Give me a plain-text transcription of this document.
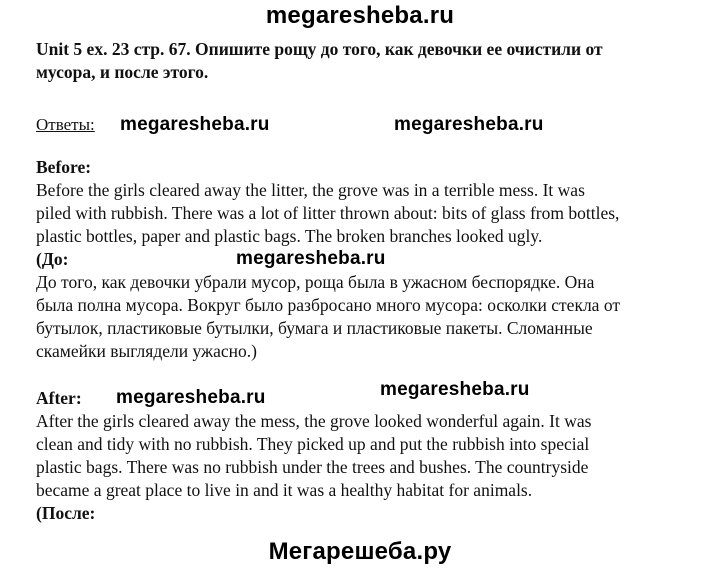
megaresheba.ru
Unit 5 ex. 23 стр. 67. Опишите рощу до того, как девочки ее очистили от
мусора, и после этого.
Ответы: megaresheba.ru	megaresheba.ru
Before:
Before the girls cleared away the litter, the grove was in a terrible mess. It was
piled with rubbish. There was a lot of litter thrown about: bits of glass from bottles,
plastic bottles, paper and plastic bags. The broken branches looked ugly.
(До:	megaresheba.ru
До того, как девочки убрали мусор, роща была в ужасном беспорядке. Она
была полна мусора. Вокруг было разбросано много мусора: осколки стекла от
бутылок, пластиковые бутылки, бумага и пластиковые пакеты. Сломанные
скамейки выглядели ужасно.)
After: megaresheba.ru	megaresheba.ru
After the girls cleared away the mess, the grove looked wonderful again. It was
clean and tidy with no rubbish. They picked up and put the rubbish into special
plastic bags. There was no rubbish under the trees and bushes. The countryside
became a great place to live in and it was a healthy habitat for animals.
(После:
Мегарешеба.ру
